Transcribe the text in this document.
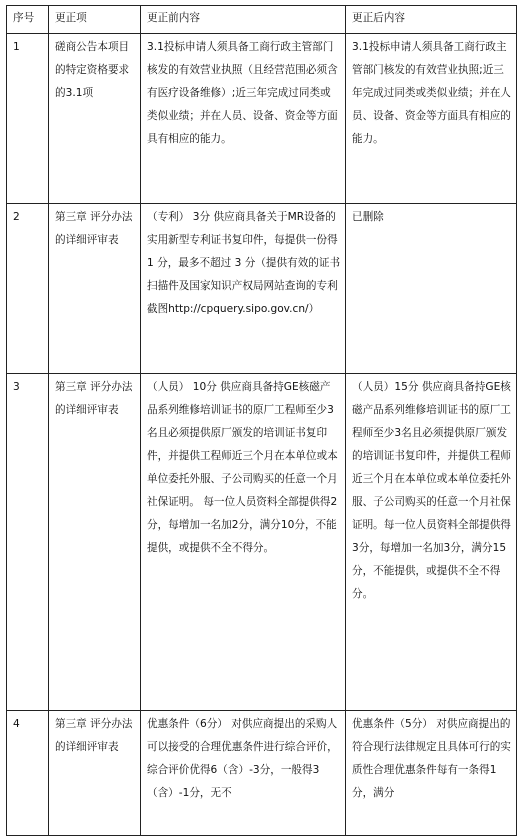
序号	更正项	更正前内容	更正后内容
1	磋商公告本项目的特定资格要求的3.1项	3.1投标申请人须具备工商行政主管部门核发的有效营业执照（且经营范围必须含有医疗设备维修）;近三年完成过同类或类似业绩；并在人员、设备、资金等方面具有相应的能力。	3.1投标申请人须具备工商行政主管部门核发的有效营业执照;近三年完成过同类或类似业绩；并在人员、设备、资金等方面具有相应的能力。
2	第三章 评分办法的详细评审表	（专利） 3分 供应商具备关于MR设备的实用新型专利证书复印件，每提供一份得 1 分，最多不超过 3 分（提供有效的证书扫描件及国家知识产权局网站查询的专利截图http://cpquery.sipo.gov.cn/）	已删除
3	第三章 评分办法的详细评审表	（人员） 10分 供应商具备持GE核磁产品系列维修培训证书的原厂工程师至少3名且必须提供原厂颁发的培训证书复印件，并提供工程师近三个月在本单位或本单位委托外服、子公司购买的任意一个月社保证明。 每一位人员资料全部提供得2分，每增加一名加2分，满分10分，不能提供，或提供不全不得分。	（人员）15分 供应商具备持GE核磁产品系列维修培训证书的原厂工程师至少3名且必须提供原厂颁发的培训证书复印件，并提供工程师近三个月在本单位或本单位委托外服、子公司购买的任意一个月社保证明。每一位人员资料全部提供得3分，每增加一名加3分，满分15分，不能提供，或提供不全不得分。
4	第三章 评分办法的详细评审表	优惠条件（6分） 对供应商提出的采购人可以接受的合理优惠条件进行综合评价，综合评价优得6（含）-3分，一般得3（含）-1分，无不	优惠条件（5分） 对供应商提出的符合现行法律规定且具体可行的实质性合理优惠条件每有一条得1分，满分
